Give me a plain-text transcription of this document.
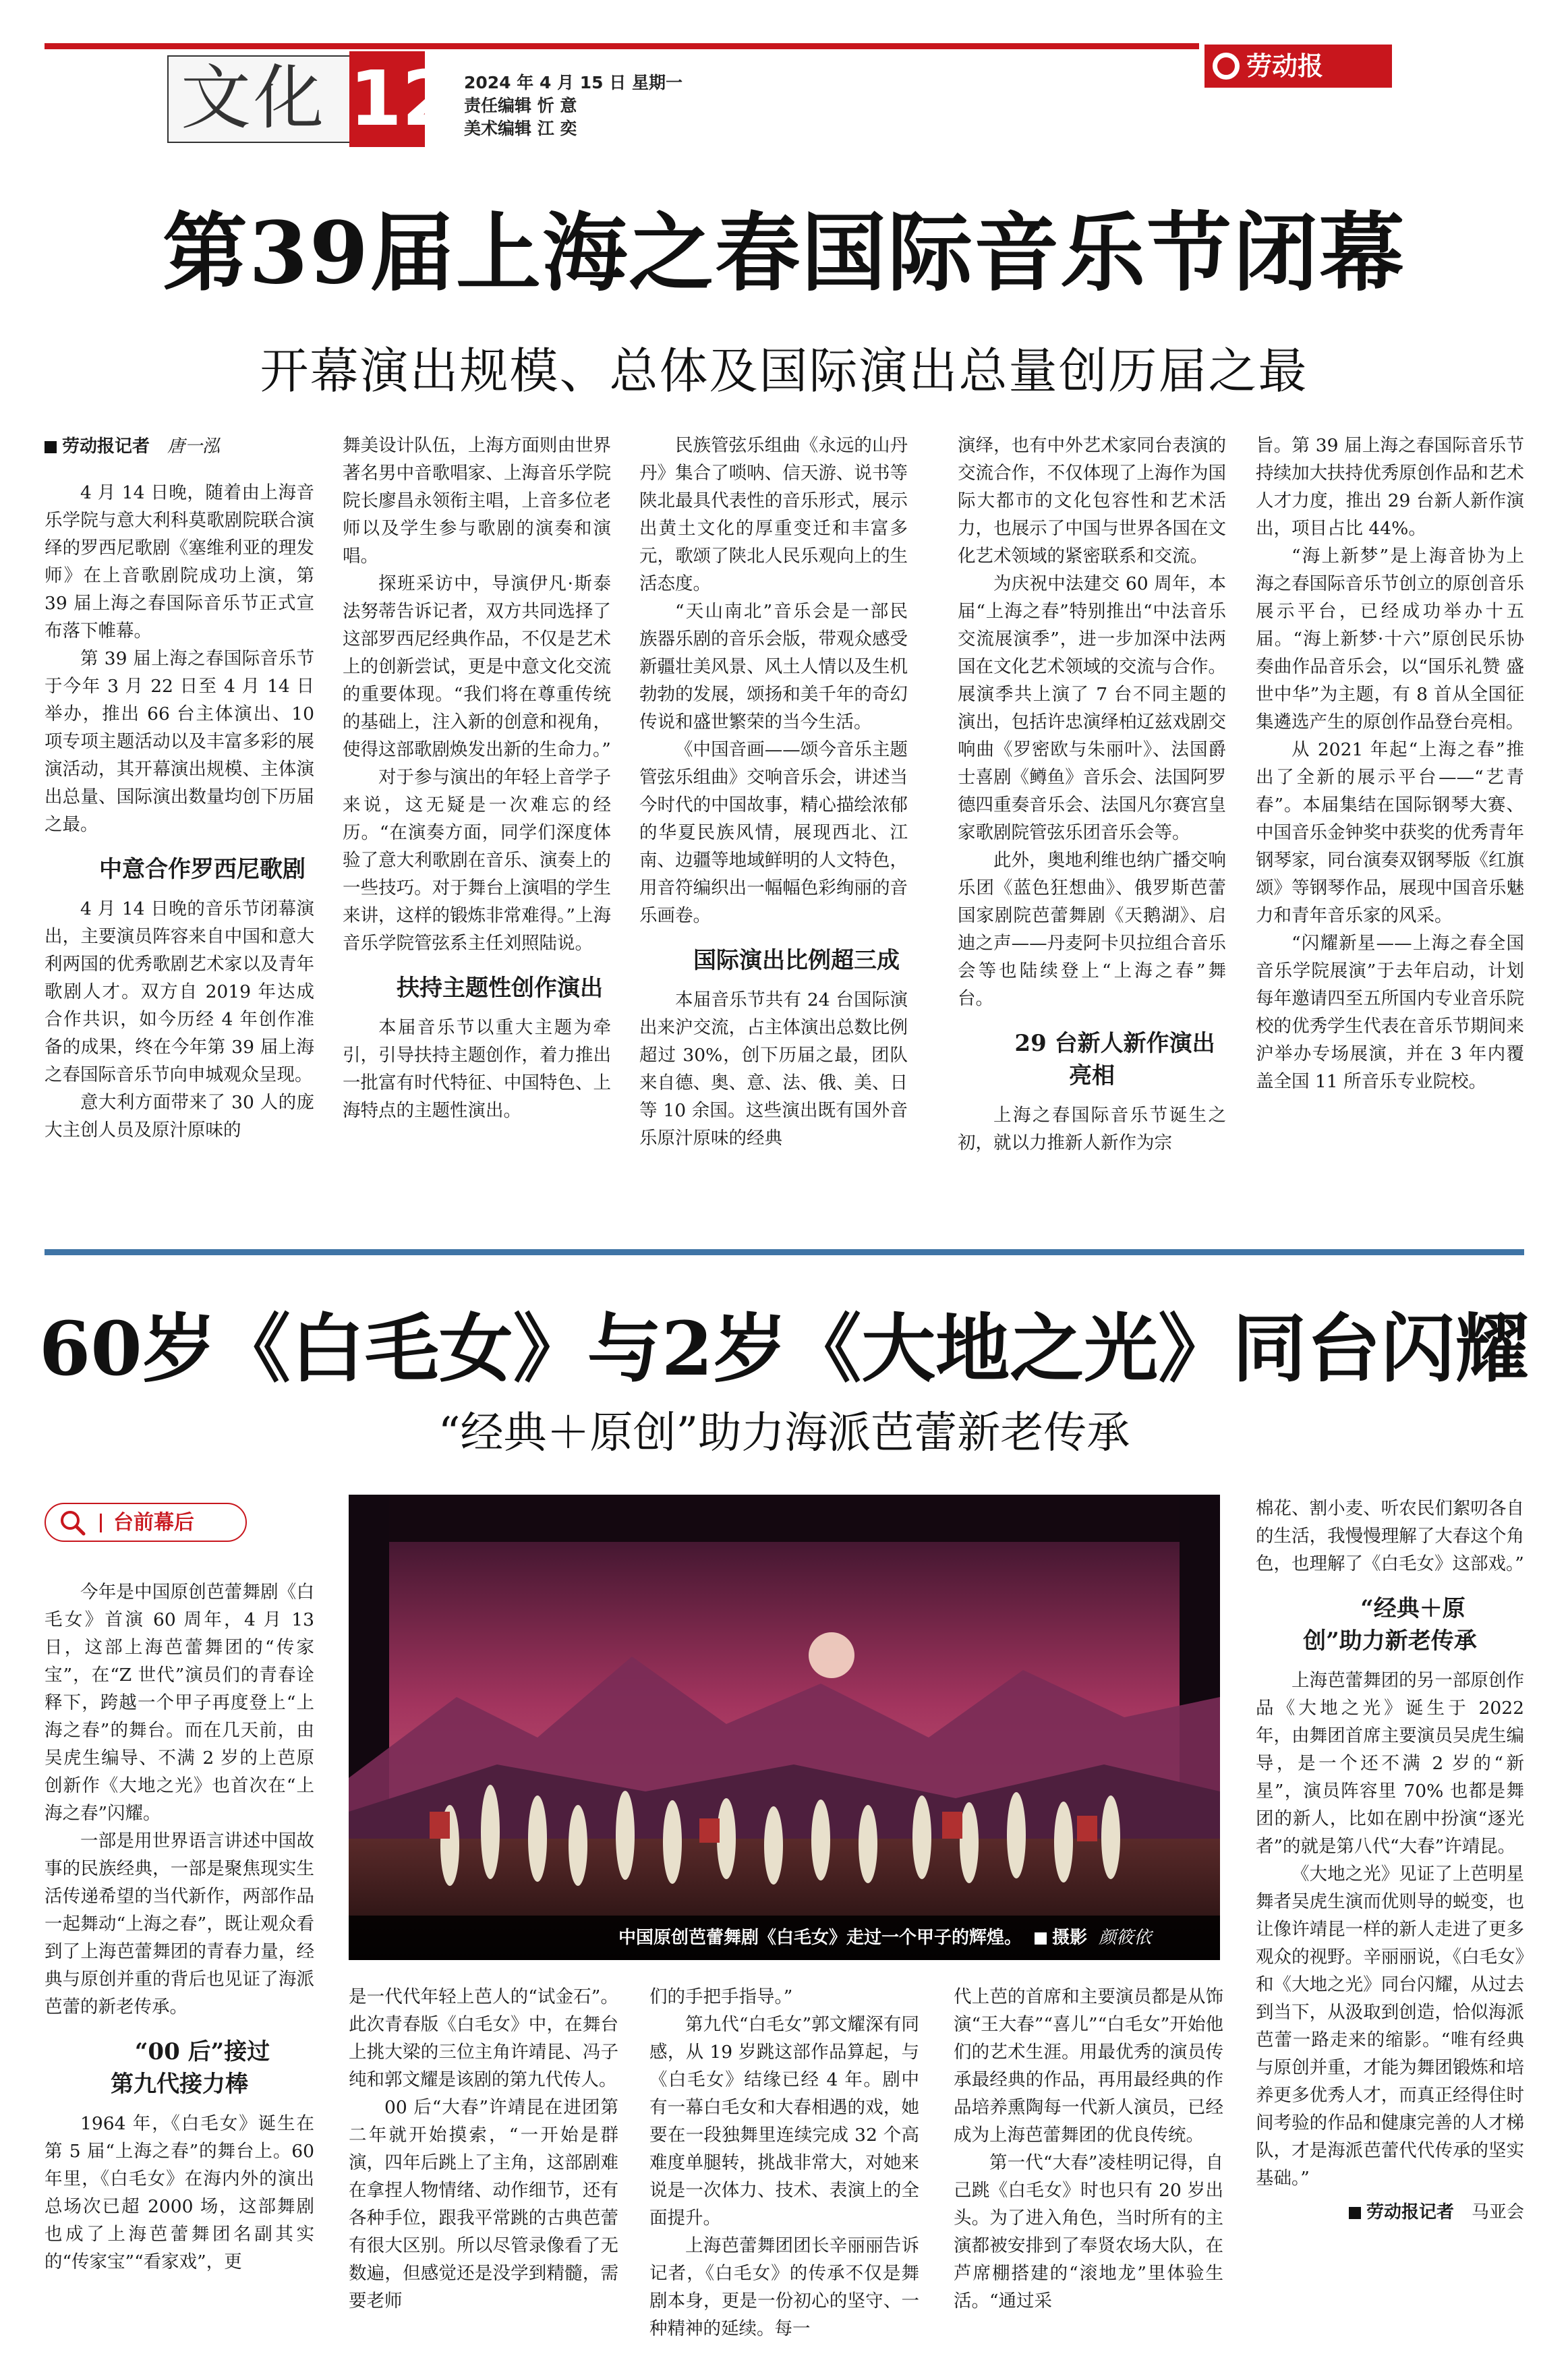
文化 12 2024 年 4 月 15 日 星期一
责任编辑 忻 意
美术编辑 江 奕
劳动报
第39届上海之春国际音乐节闭幕
开幕演出规模、总体及国际演出总量创历届之最
劳动报记者　 唐一泓

4 月 14 日晚，随着由上海音乐学院与意大利科莫歌剧院联合演绎的罗西尼歌剧《塞维利亚的理发师》在上音歌剧院成功上演，第 39 届上海之春国际音乐节正式宣布落下帷幕。

第 39 届上海之春国际音乐节于今年 3 月 22 日至 4 月 14 日举办，推出 66 台主体演出、10 项专项主题活动以及丰富多彩的展演活动，其开幕演出规模、主体演出总量、国际演出数量均创下历届之最。

中意合作罗西尼歌剧

4 月 14 日晚的音乐节闭幕演出，主要演员阵容来自中国和意大利两国的优秀歌剧艺术家以及青年歌剧人才。双方自 2019 年达成合作共识，如今历经 4 年创作准备的成果，终在今年第 39 届上海之春国际音乐节向申城观众呈现。

意大利方面带来了 30 人的庞大主创人员及原汁原味的

舞美设计队伍，上海方面则由世界著名男中音歌唱家、上海音乐学院院长廖昌永领衔主唱，上音多位老师以及学生参与歌剧的演奏和演唱。

探班采访中，导演伊凡·斯泰法努蒂告诉记者，双方共同选择了这部罗西尼经典作品，不仅是艺术上的创新尝试，更是中意文化交流的重要体现。“我们将在尊重传统的基础上，注入新的创意和视角，使得这部歌剧焕发出新的生命力。”

对于参与演出的年轻上音学子来说，这无疑是一次难忘的经历。“在演奏方面，同学们深度体验了意大利歌剧在音乐、演奏上的一些技巧。对于舞台上演唱的学生来讲，这样的锻炼非常难得。”上海音乐学院管弦系主任刘照陆说。

扶持主题性创作演出

本届音乐节以重大主题为牵引，引导扶持主题创作，着力推出一批富有时代特征、中国特色、上海特点的主题性演出。

民族管弦乐组曲《永远的山丹丹》集合了唢呐、信天游、说书等陕北最具代表性的音乐形式，展示出黄土文化的厚重变迁和丰富多元，歌颂了陕北人民乐观向上的生活态度。

“天山南北”音乐会是一部民族器乐剧的音乐会版，带观众感受新疆壮美风景、风土人情以及生机勃勃的发展，颂扬和美千年的奇幻传说和盛世繁荣的当今生活。

《中国音画——颂今音乐主题管弦乐组曲》交响音乐会，讲述当今时代的中国故事，精心描绘浓郁的华夏民族风情，展现西北、江南、边疆等地域鲜明的人文特色，用音符编织出一幅幅色彩绚丽的音乐画卷。

国际演出比例超三成

本届音乐节共有 24 台国际演出来沪交流，占主体演出总数比例超过 30%，创下历届之最，团队来自德、奥、意、法、俄、美、日等 10 余国。这些演出既有国外音乐原汁原味的经典

演绎，也有中外艺术家同台表演的交流合作，不仅体现了上海作为国际大都市的文化包容性和艺术活力，也展示了中国与世界各国在文化艺术领域的紧密联系和交流。

为庆祝中法建交 60 周年，本届“上海之春”特别推出“中法音乐交流展演季”，进一步加深中法两国在文化艺术领域的交流与合作。展演季共上演了 7 台不同主题的演出，包括许忠演绎柏辽兹戏剧交响曲《罗密欧与朱丽叶》、法国爵士喜剧《鳟鱼》音乐会、法国阿罗德四重奏音乐会、法国凡尔赛宫皇家歌剧院管弦乐团音乐会等。

此外，奥地利维也纳广播交响乐团《蓝色狂想曲》、俄罗斯芭蕾国家剧院芭蕾舞剧《天鹅湖》、启迪之声——丹麦阿卡贝拉组合音乐会等也陆续登上“上海之春”舞台。

29 台新人新作演出亮相

上海之春国际音乐节诞生之初，就以力推新人新作为宗

旨。第 39 届上海之春国际音乐节持续加大扶持优秀原创作品和艺术人才力度，推出 29 台新人新作演出，项目占比 44%。

“海上新梦”是上海音协为上海之春国际音乐节创立的原创音乐展示平台，已经成功举办十五届。“海上新梦·十六”原创民乐协奏曲作品音乐会，以“国乐礼赞 盛世中华”为主题，有 8 首从全国征集遴选产生的原创作品登台亮相。

从 2021 年起“上海之春”推出了全新的展示平台——“艺青春”。本届集结在国际钢琴大赛、中国音乐金钟奖中获奖的优秀青年钢琴家，同台演奏双钢琴版《红旗颂》等钢琴作品，展现中国音乐魅力和青年音乐家的风采。

“闪耀新星——上海之春全国音乐学院展演”于去年启动，计划每年邀请四至五所国内专业音乐院校的优秀学生代表在音乐节期间来沪举办专场展演，并在 3 年内覆盖全国 11 所音乐专业院校。

60岁《白毛女》与2岁《大地之光》同台闪耀
“经典＋原创”助力海派芭蕾新老传承
台前幕后
中国原创芭蕾舞剧《白毛女》走过一个甲子的辉煌。 摄影 颜筱依

今年是中国原创芭蕾舞剧《白毛女》首演 60 周年，4 月 13 日，这部上海芭蕾舞团的“传家宝”，在“Z 世代”演员们的青春诠释下，跨越一个甲子再度登上“上海之春”的舞台。而在几天前，由吴虎生编导、不满 2 岁的上芭原创新作《大地之光》也首次在“上海之春”闪耀。

一部是用世界语言讲述中国故事的民族经典，一部是聚焦现实生活传递希望的当代新作，两部作品一起舞动“上海之春”，既让观众看到了上海芭蕾舞团的青春力量，经典与原创并重的背后也见证了海派芭蕾的新老传承。

“00 后”接过第九代接力棒

1964 年，《白毛女》诞生在第 5 届“上海之春”的舞台上。60 年里，《白毛女》在海内外的演出总场次已超 2000 场，这部舞剧也成了上海芭蕾舞团名副其实的“传家宝”“看家戏”，更

是一代代年轻上芭人的“试金石”。此次青春版《白毛女》中，在舞台上挑大梁的三位主角许靖昆、冯子纯和郭文耀是该剧的第九代传人。

00 后“大春”许靖昆在进团第二年就开始摸索，“一开始是群演，四年后跳上了主角，这部剧难在拿捏人物情绪、动作细节，还有各种手位，跟我平常跳的古典芭蕾有很大区别。所以尽管录像看了无数遍，但感觉还是没学到精髓，需要老师

们的手把手指导。”

第九代“白毛女”郭文耀深有同感，从 19 岁跳这部作品算起，与《白毛女》结缘已经 4 年。剧中有一幕白毛女和大春相遇的戏，她要在一段独舞里连续完成 32 个高难度单腿转，挑战非常大，对她来说是一次体力、技术、表演上的全面提升。

上海芭蕾舞团团长辛丽丽告诉记者，《白毛女》的传承不仅是舞剧本身，更是一份初心的坚守、一种精神的延续。每一

代上芭的首席和主要演员都是从饰演“王大春”“喜儿”“白毛女”开始他们的艺术生涯。用最优秀的演员传承最经典的作品，再用最经典的作品培养熏陶每一代新人演员，已经成为上海芭蕾舞团的优良传统。

第一代“大春”凌桂明记得，自己跳《白毛女》时也只有 20 岁出头。为了进入角色，当时所有的主演都被安排到了奉贤农场大队，在芦席棚搭建的“滚地龙”里体验生活。“通过采

棉花、割小麦、听农民们絮叨各自的生活，我慢慢理解了大春这个角色，也理解了《白毛女》这部戏。”

“经典＋原创”助力新老传承

上海芭蕾舞团的另一部原创作品《大地之光》诞生于 2022 年，由舞团首席主要演员吴虎生编导，是一个还不满 2 岁的“新星”，演员阵容里 70% 也都是舞团的新人，比如在剧中扮演“逐光者”的就是第八代“大春”许靖昆。

《大地之光》见证了上芭明星舞者吴虎生演而优则导的蜕变，也让像许靖昆一样的新人走进了更多观众的视野。辛丽丽说，《白毛女》和《大地之光》同台闪耀，从过去到当下，从汲取到创造，恰似海派芭蕾一路走来的缩影。“唯有经典与原创并重，才能为舞团锻炼和培养更多优秀人才，而真正经得住时间考验的作品和健康完善的人才梯队，才是海派芭蕾代代传承的坚实基础。”

劳动报记者　 马亚会
